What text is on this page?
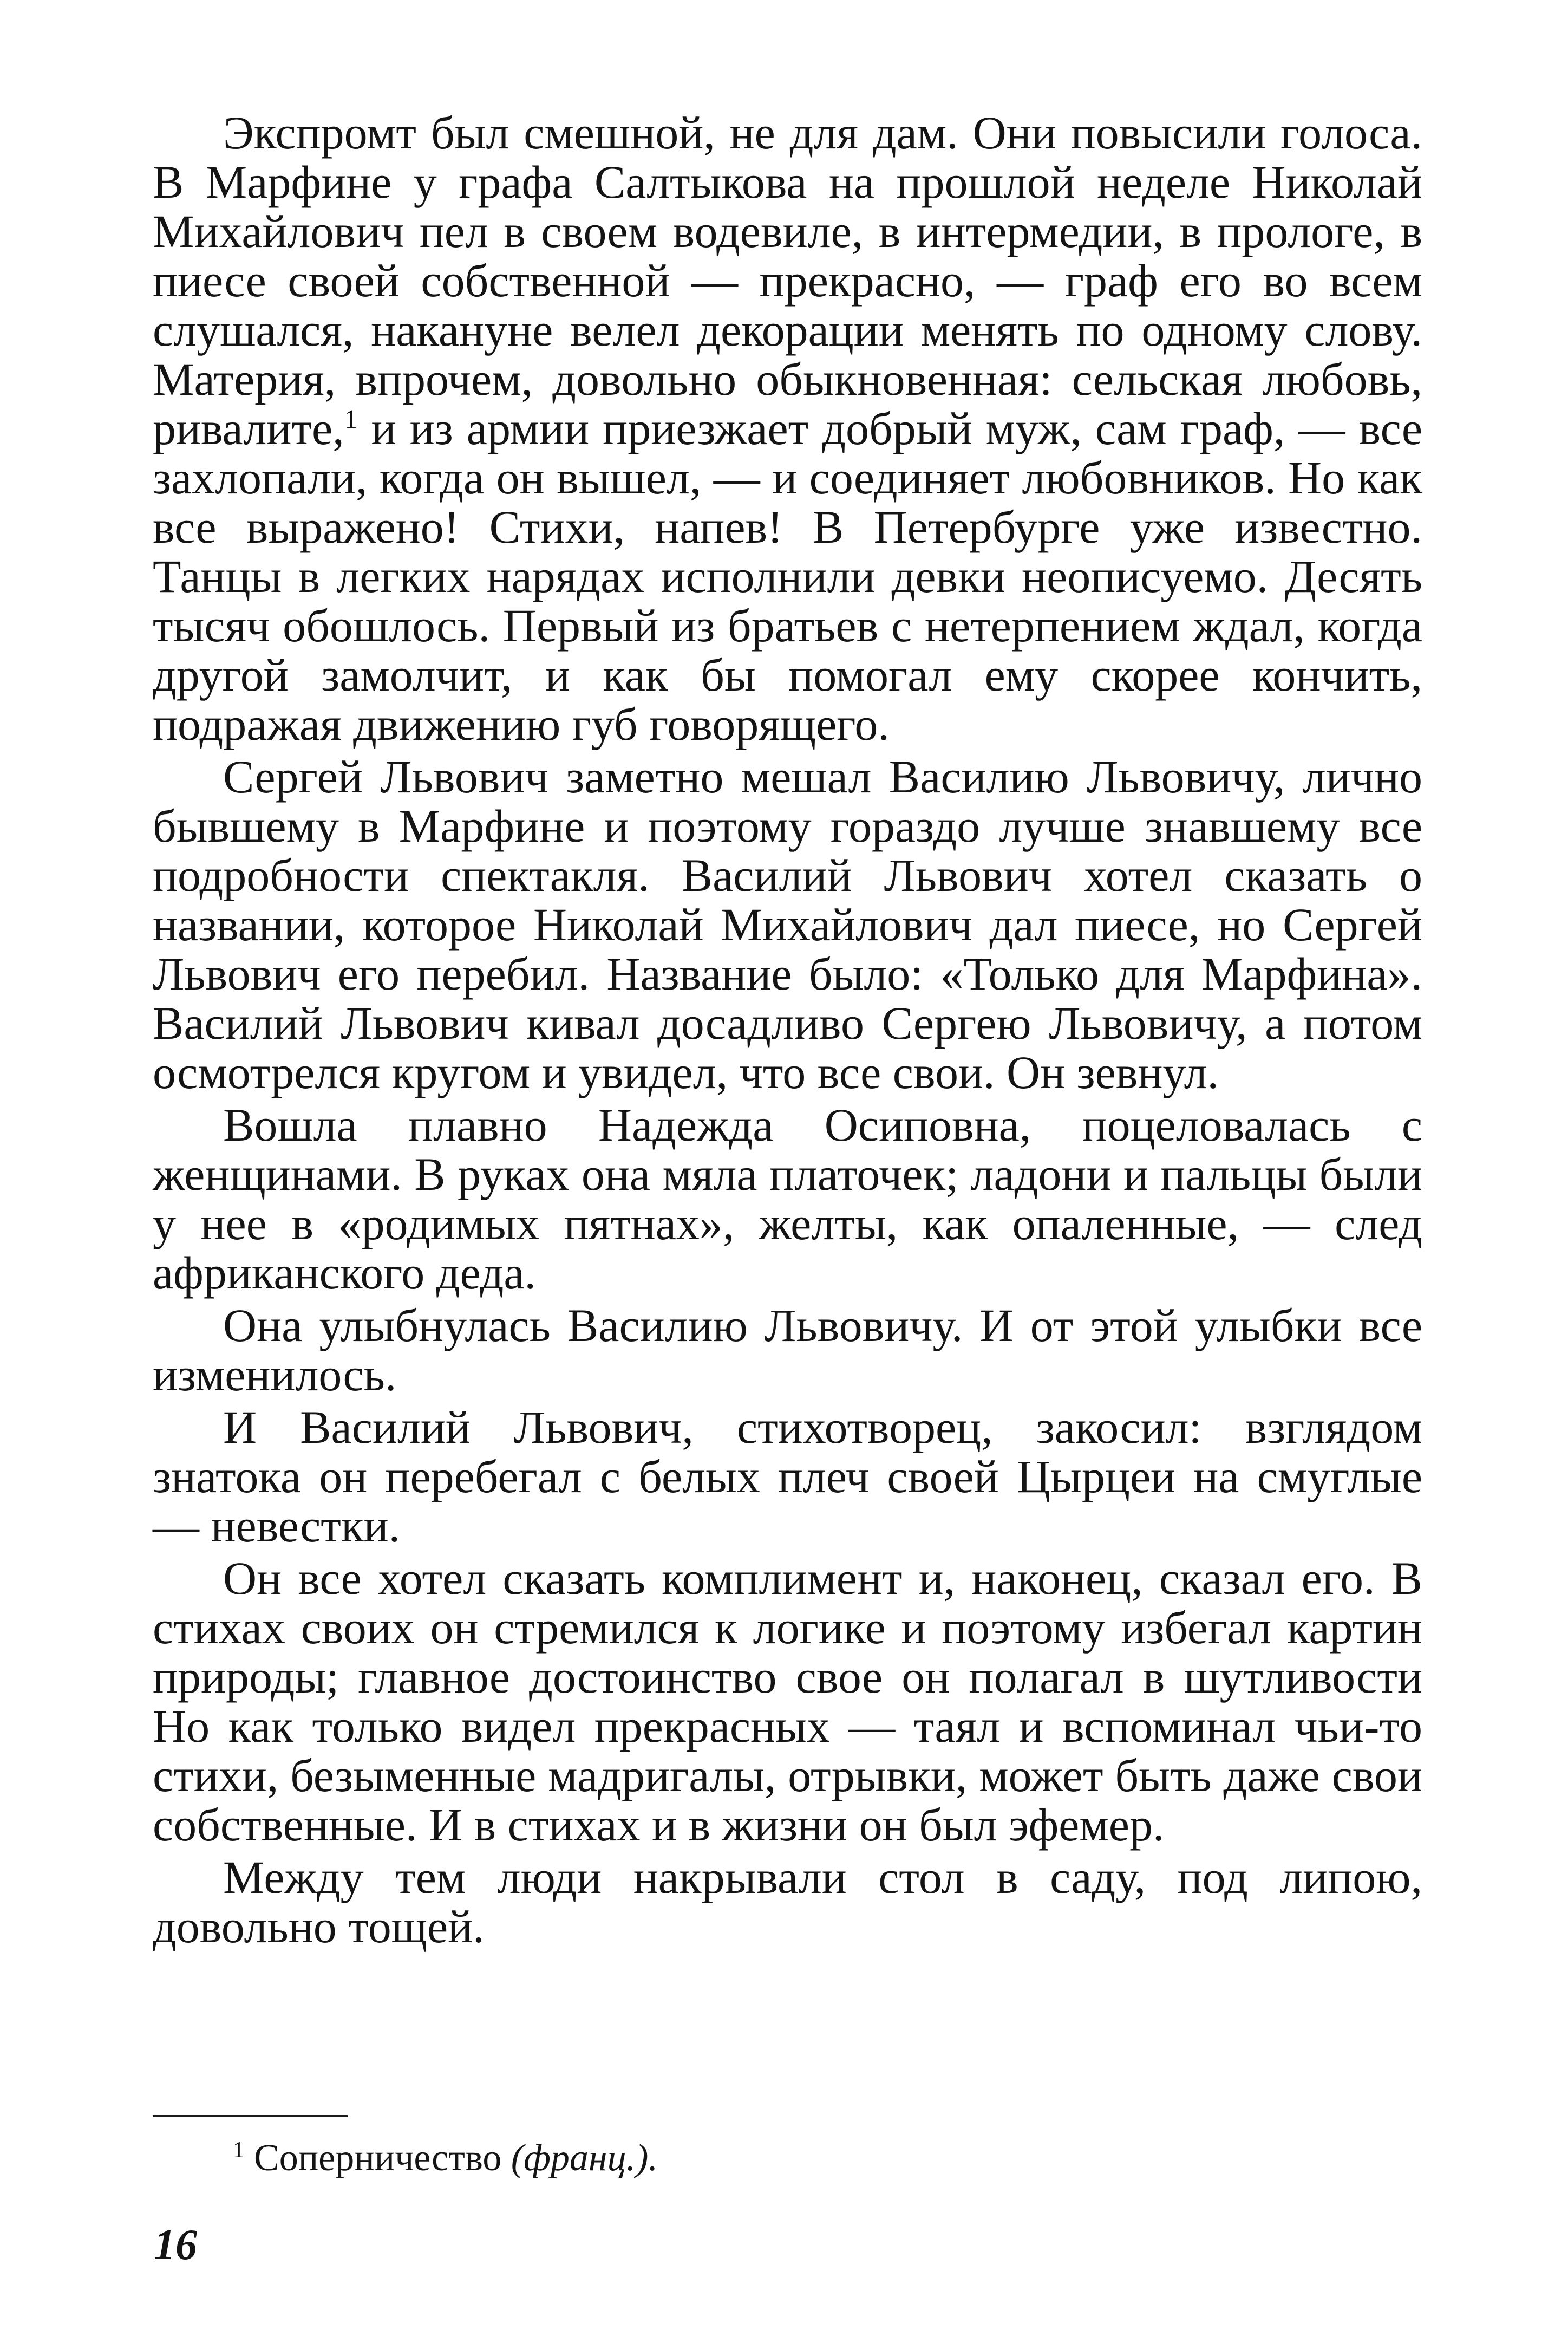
Экспромт был смешной, не для дам. Они повысили голоса. В Марфине у графа Салтыкова на прошлой неделе Николай Михайлович пел в своем водевиле, в интермедии, в прологе, в пиесе своей собственной — прекрасно, — граф его во всем слушался, накануне велел декорации менять по одному слову. Материя, впрочем, довольно обыкновенная: сельская любовь, ривалите,$^1$ и из армии приезжает добрый муж, сам граф, — все захлопали, когда он вышел, — и соединяет любовников. Но как все выражено! Стихи, напев! В Петербурге уже известно. Танцы в легких нарядах исполнили девки неописуемо. Десять тысяч обошлось. Первый из братьев с нетерпением ждал, когда другой замолчит, и как бы помогал ему скорее кончить, подражая движению губ говорящего.

Сергей Львович заметно мешал Василию Львовичу, лично бывшему в Марфине и поэтому гораздо лучше знавшему все подробности спектакля. Василий Львович хотел сказать о названии, которое Николай Михайлович дал пиесе, но Сергей Львович его перебил. Название было: «Только для Марфина». Василий Львович кивал досадливо Сергею Львовичу, а потом осмотрелся кругом и увидел, что все свои. Он зевнул.

Вошла плавно Надежда Осиповна, поцеловалась с женщинами. В руках она мяла платочек; ладони и пальцы были у нее в «родимых пятнах», желты, как опаленные, — след африканского деда.

Она улыбнулась Василию Львовичу. И от этой улыбки все изменилось.

И Василий Львович, стихотворец, закосил: взглядом знатока он перебегал с белых плеч своей Цырцеи на смуглые — невестки.

Он все хотел сказать комплимент и, наконец, сказал его. В стихах своих он стремился к логике и поэтому избегал картин природы; главное достоинство свое он полагал в шутливости Но как только видел прекрасных — таял и вспоминал чьи-то стихи, безыменные мадригалы, отрывки, может быть даже свои собственные. И в стихах и в жизни он был эфемер.

Между тем люди накрывали стол в саду, под липою, довольно тощей.

$^1$ Соперничество (франц.).
16
